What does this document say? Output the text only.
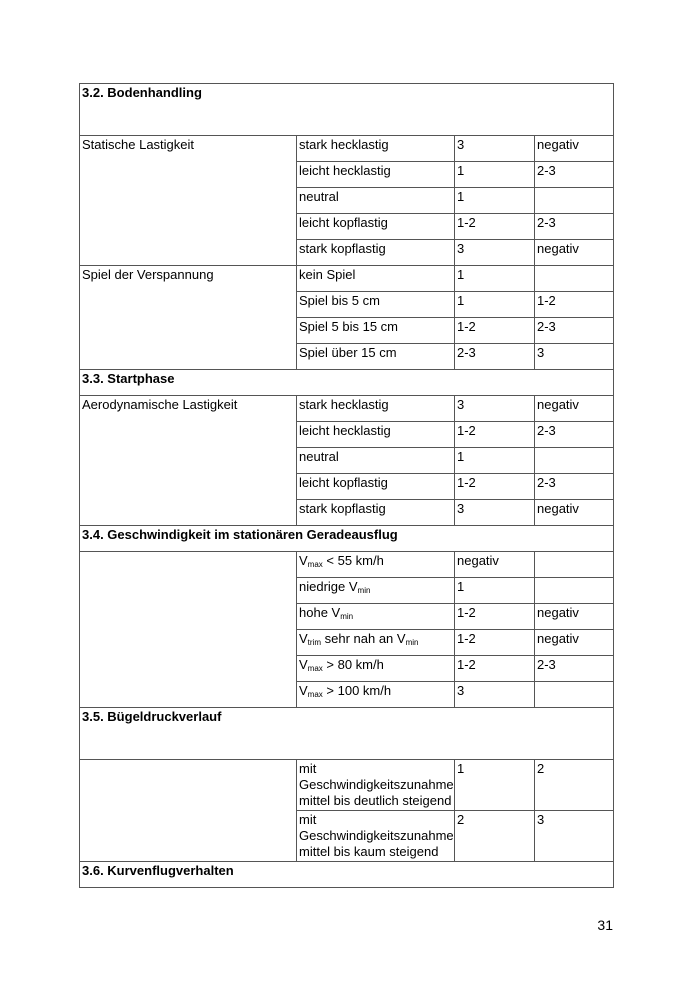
3.2. Bodenhandling			
Statische Lastigkeit	stark hecklastig	3	negativ
	leicht hecklastig	1	2-3
	neutral	1	
	leicht kopflastig	1-2	2-3
	stark kopflastig	3	negativ
Spiel der Verspannung	kein Spiel	1	
	Spiel bis 5 cm	1	1-2
	Spiel 5 bis 15 cm	1-2	2-3
	Spiel über 15 cm	2-3	3
3.3. Startphase			
Aerodynamische Lastigkeit	stark hecklastig	3	negativ
	leicht hecklastig	1-2	2-3
	neutral	1	
	leicht kopflastig	1-2	2-3
	stark kopflastig	3	negativ
3.4. Geschwindigkeit im stationären Geradeausflug			
	$V_{max} < 55$ km/h	negativ	
	niedrige $V_{min}$	1	
	hohe $V_{min}$	1-2	negativ
	$V_{trim}$ sehr nah an $V_{min}$	1-2	negativ
	$V_{max} > 80$ km/h	1-2	2-3
	$V_{max} > 100$ km/h	3	
3.5. Bügeldruckverlauf			

	mit
Geschwindigkeitszunahme
mittel bis deutlich steigend	1	2

	mit
Geschwindigkeitszunahme
mittel bis kaum steigend	2	3
3.6. Kurvenflugverhalten			
31
